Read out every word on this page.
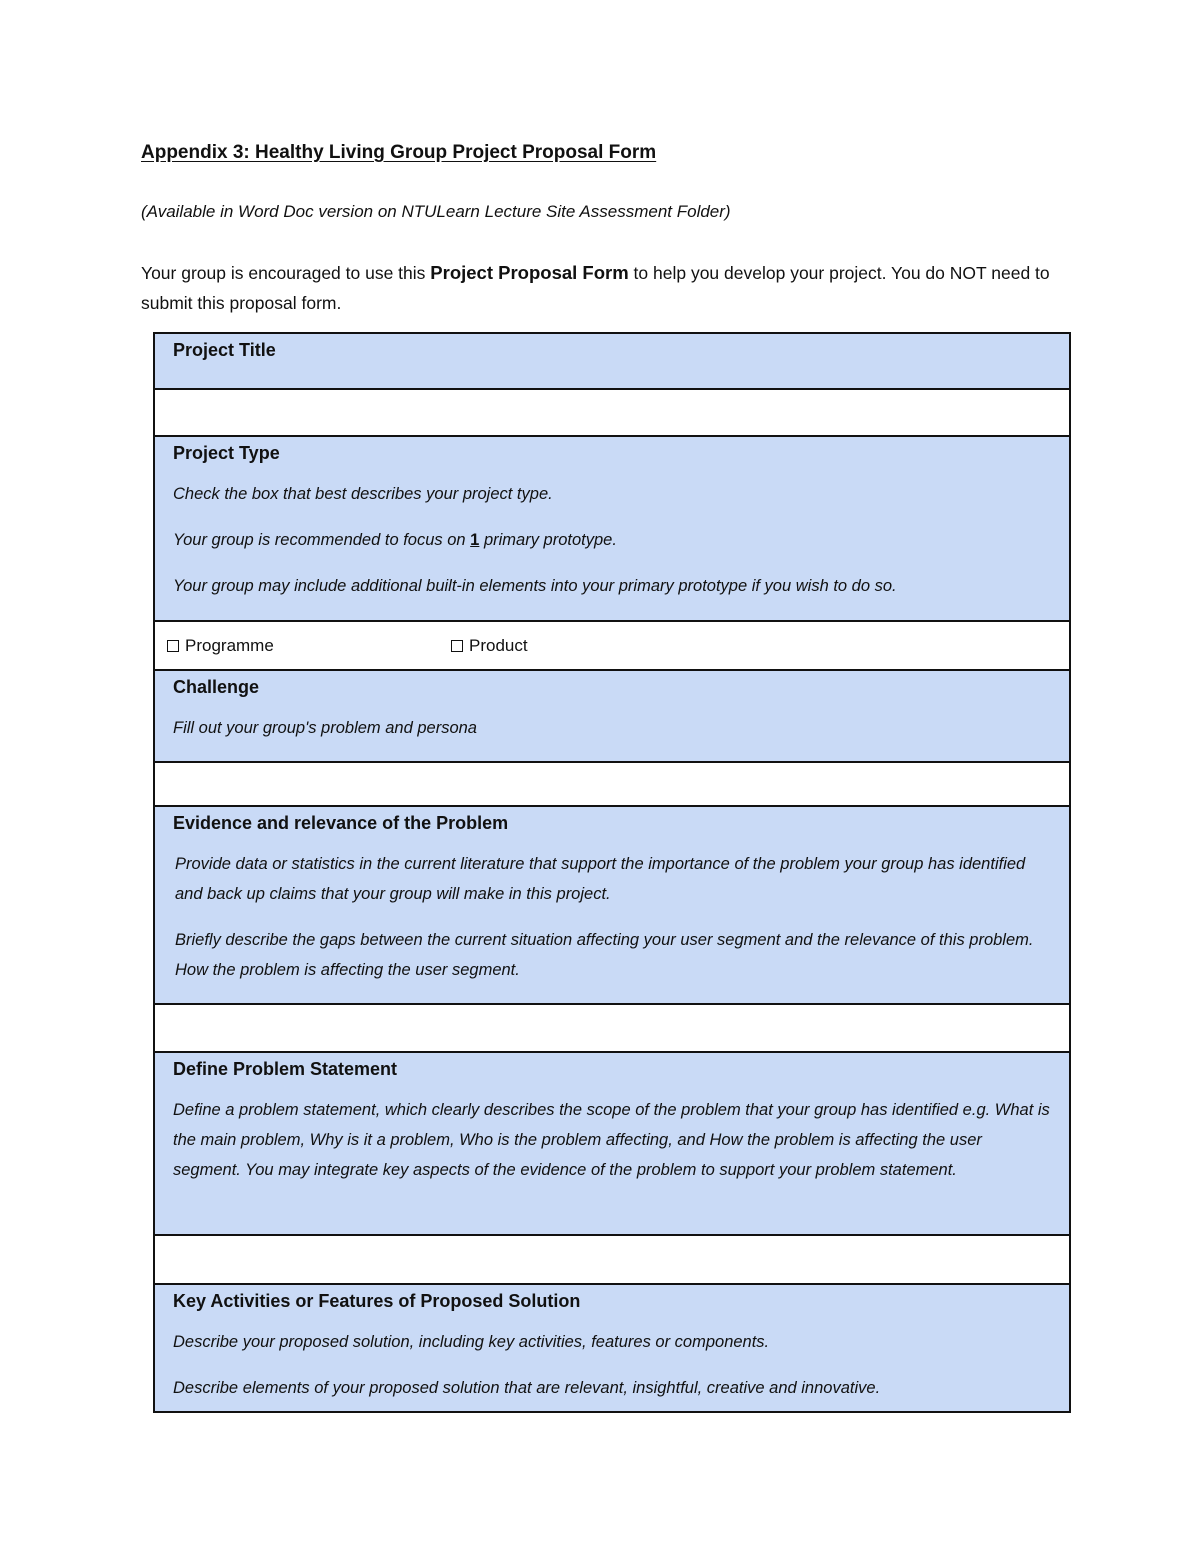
Appendix 3: Healthy Living Group Project Proposal Form

(Available in Word Doc version on NTULearn Lecture Site Assessment Folder)

Your group is encouraged to use this Project Proposal Form to help you develop your project. You do NOT need to submit this proposal form.

Project Title
Project Type
Check the box that best describes your project type.
Your group is recommended to focus on 1 primary prototype.
Your group may include additional built-in elements into your primary prototype if you wish to do so.
Programme	Product
Challenge
Fill out your group's problem and persona
Evidence and relevance of the Problem
Provide data or statistics in the current literature that support the importance of the problem your group has identified and back up claims that your group will make in this project.
Briefly describe the gaps between the current situation affecting your user segment and the relevance of this problem. How the problem is affecting the user segment.
Define Problem Statement
Define a problem statement, which clearly describes the scope of the problem that your group has identified e.g. What is the main problem, Why is it a problem, Who is the problem affecting, and How the problem is affecting the user segment. You may integrate key aspects of the evidence of the problem to support your problem statement.
Key Activities or Features of Proposed Solution
Describe your proposed solution, including key activities, features or components.
Describe elements of your proposed solution that are relevant, insightful, creative and innovative.
